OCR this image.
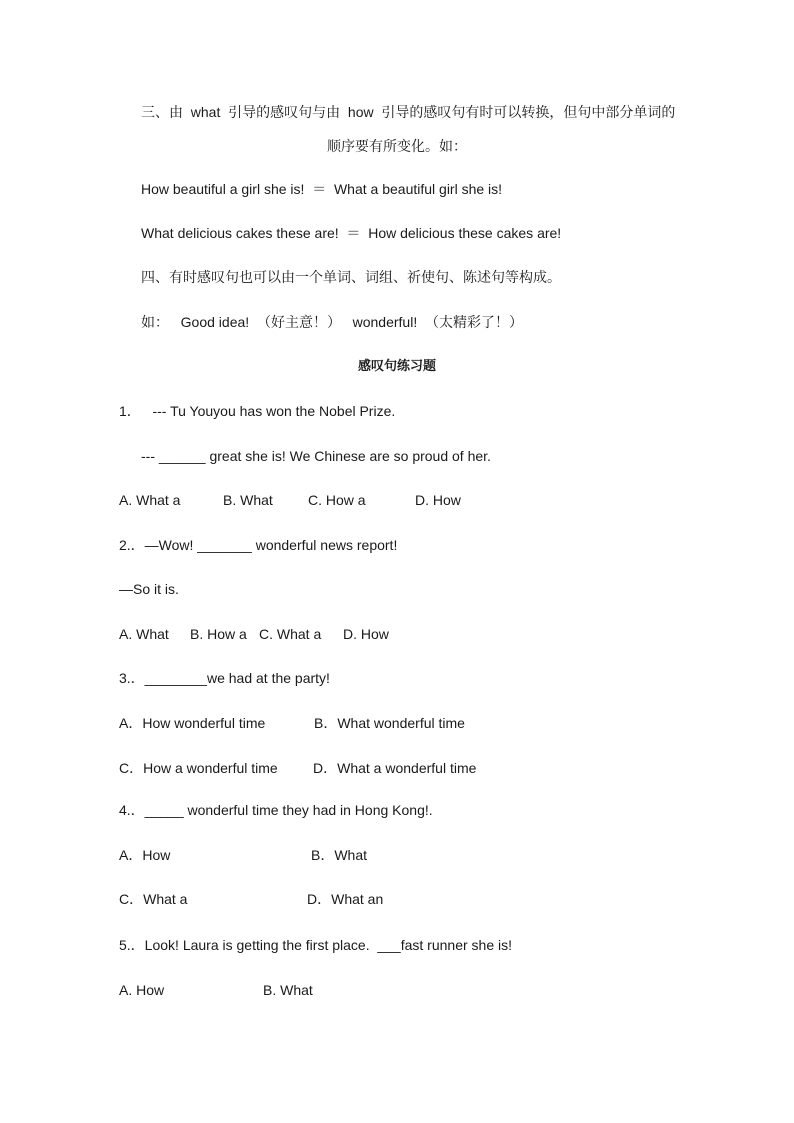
三、由  what  引导的感叹句与由  how  引导的感叹句有时可以转换，但句中部分单词的
顺序要有所变化。如：
How beautiful a girl she is!  ＝  What a beautiful girl she is!
What delicious cakes these are!  ＝  How delicious these cakes are!
四、有时感叹句也可以由一个单词、词组、祈使句、陈述句等构成。
如：   Good idea!  （好主意！）   wonderful!  （太精彩了！）
感叹句练习题
1．   --- Tu Youyou has won the Nobel Prize.
--- ______ great she is! We Chinese are so proud of her.
A. What a	B. What	C. How a	D. How
2.．—Wow! _______ wonderful news report!
—So it is.
A. What B. How a C. What a D. How
3.．________we had at the party!
A．How wonderful time	B．What wonderful time
C．How a wonderful time	D．What a wonderful time
4.．_____ wonderful time they had in Hong Kong!.
A．How	B．What
C．What a	D．What an
5.．Look! Laura is getting the first place.  ___fast runner she is!
A. How	B. What
